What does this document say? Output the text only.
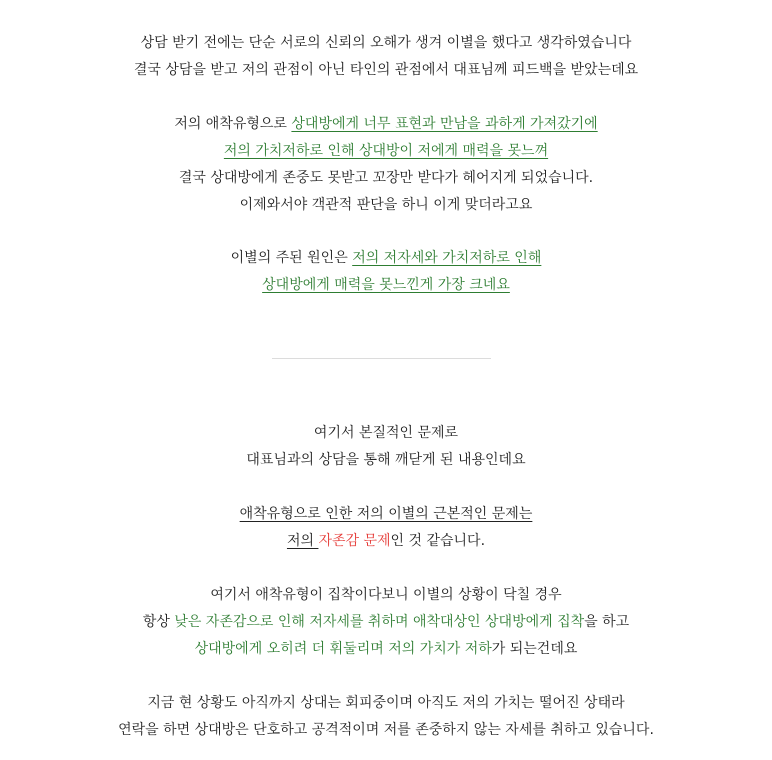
상담 받기 전에는 단순 서로의 신뢰의 오해가 생겨 이별을 했다고 생각하였습니다
결국 상담을 받고 저의 관점이 아닌 타인의 관점에서 대표님께 피드백을 받았는데요
저의 애착유형으로 상대방에게 너무 표현과 만남을 과하게 가져갔기에
저의 가치저하로 인해 상대방이 저에게 매력을 못느껴
결국 상대방에게 존중도 못받고 꼬장만 받다가 헤어지게 되었습니다.
이제와서야 객관적 판단을 하니 이게 맞더라고요
이별의 주된 원인은 저의 저자세와 가치저하로 인해
상대방에게 매력을 못느낀게 가장 크네요
여기서 본질적인 문제로
대표님과의 상담을 통해 깨닫게 된 내용인데요
애착유형으로 인한 저의 이별의 근본적인 문제는
저의 자존감 문제인 것 같습니다.
여기서 애착유형이 집착이다보니 이별의 상황이 닥칠 경우
항상 낮은 자존감으로 인해 저자세를 취하며 애착대상인 상대방에게 집착을 하고
상대방에게 오히려 더 휘둘리며 저의 가치가 저하가 되는건데요
지금 현 상황도 아직까지 상대는 회피중이며 아직도 저의 가치는 떨어진 상태라
연락을 하면 상대방은 단호하고 공격적이며 저를 존중하지 않는 자세를 취하고 있습니다.
